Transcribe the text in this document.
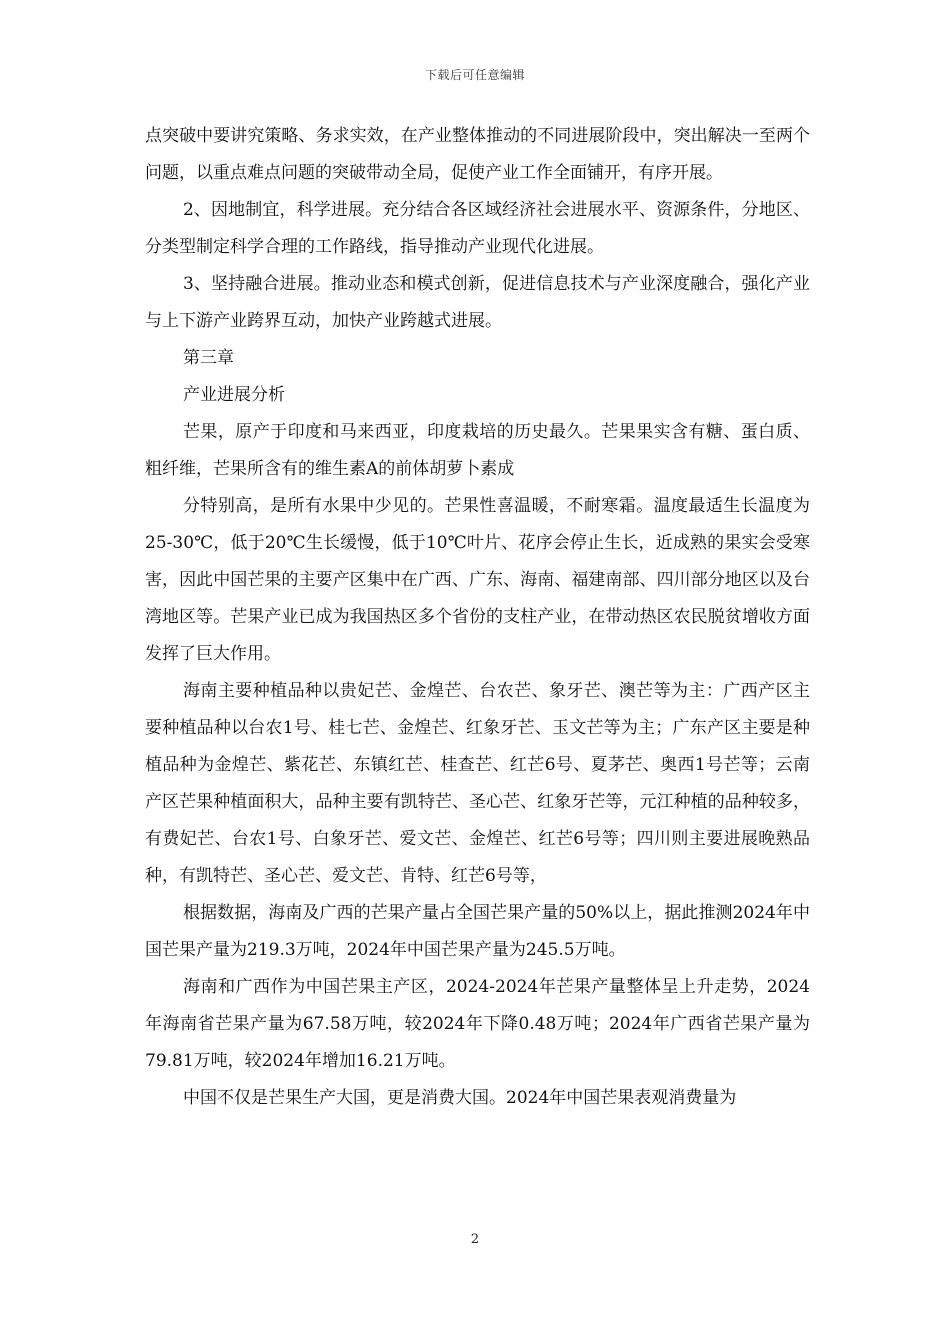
下载后可任意编辑

点突破中要讲究策略、务求实效，在产业整体推动的不同进展阶段中，突出解决一至两个问题，以重点难点问题的突破带动全局，促使产业工作全面铺开，有序开展。

2、因地制宜，科学进展。充分结合各区域经济社会进展水平、资源条件，分地区、分类型制定科学合理的工作路线，指导推动产业现代化进展。

3、坚持融合进展。推动业态和模式创新，促进信息技术与产业深度融合，强化产业与上下游产业跨界互动，加快产业跨越式进展。

第三章

产业进展分析

芒果，原产于印度和马来西亚，印度栽培的历史最久。芒果果实含有糖、蛋白质、粗纤维，芒果所含有的维生素A的前体胡萝卜素成

分特别高，是所有水果中少见的。芒果性喜温暖，不耐寒霜。温度最适生长温度为25-30℃，低于20℃生长缓慢，低于10℃叶片、花序会停止生长，近成熟的果实会受寒害，因此中国芒果的主要产区集中在广西、广东、海南、福建南部、四川部分地区以及台湾地区等。芒果产业已成为我国热区多个省份的支柱产业，在带动热区农民脱贫增收方面发挥了巨大作用。

海南主要种植品种以贵妃芒、金煌芒、台农芒、象牙芒、澳芒等为主：广西产区主要种植品种以台农1号、桂七芒、金煌芒、红象牙芒、玉文芒等为主；广东产区主要是种植品种为金煌芒、紫花芒、东镇红芒、桂查芒、红芒6号、夏茅芒、奥西1号芒等；云南产区芒果种植面积大，品种主要有凯特芒、圣心芒、红象牙芒等，元江种植的品种较多，有费妃芒、台农1号、白象牙芒、爱文芒、金煌芒、红芒6号等；四川则主要进展晚熟品种，有凯特芒、圣心芒、爱文芒、肯特、红芒6号等，

根据数据，海南及广西的芒果产量占全国芒果产量的50%以上，据此推测2024年中国芒果产量为219.3万吨，2024年中国芒果产量为245.5万吨。

海南和广西作为中国芒果主产区，2024-2024年芒果产量整体呈上升走势，2024年海南省芒果产量为67.58万吨，较2024年下降0.48万吨；2024年广西省芒果产量为79.81万吨，较2024年增加16.21万吨。

中国不仅是芒果生产大国，更是消费大国。2024年中国芒果表观消费量为

2
